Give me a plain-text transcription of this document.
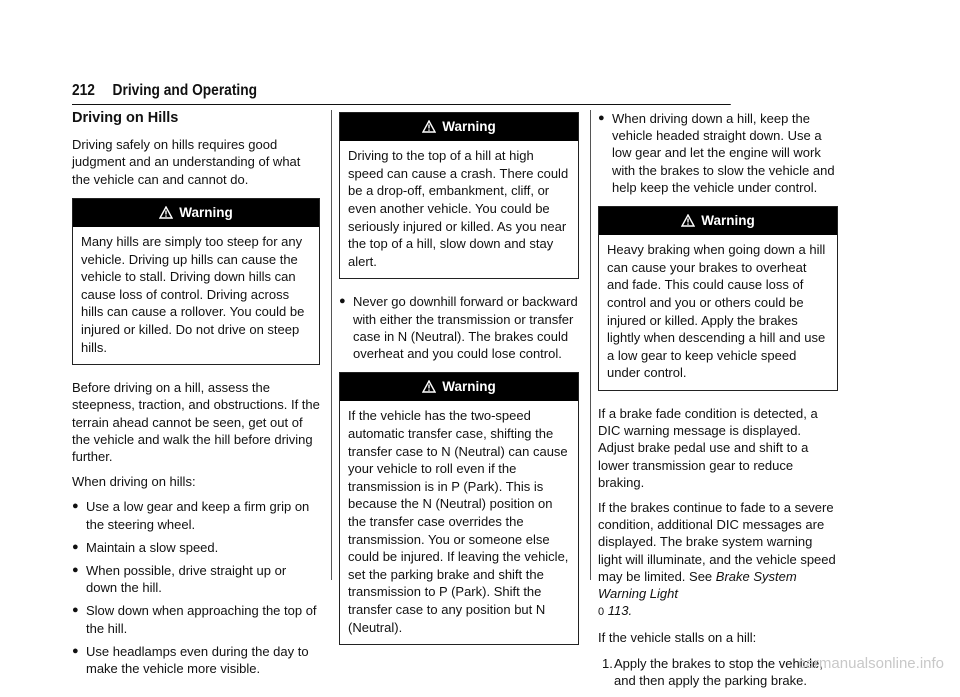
212 Driving and Operating
Driving on Hills

Driving safely on hills requires good judgment and an understanding of what the vehicle can and cannot do.

Warning
Many hills are simply too steep for any vehicle. Driving up hills can cause the vehicle to stall. Driving down hills can cause loss of control. Driving across hills can cause a rollover. You could be injured or killed. Do not drive on steep hills.

Before driving on a hill, assess the steepness, traction, and obstructions. If the terrain ahead cannot be seen, get out of the vehicle and walk the hill before driving further.

When driving on hills:

● Use a low gear and keep a firm grip on the steering wheel.
● Maintain a slow speed.
● When possible, drive straight up or down the hill.
● Slow down when approaching the top of the hill.
● Use headlamps even during the day to make the vehicle more visible.
Warning
Driving to the top of a hill at high speed can cause a crash. There could be a drop-off, embankment, cliff, or even another vehicle. You could be seriously injured or killed. As you near the top of a hill, slow down and stay alert.
● Never go downhill forward or backward with either the transmission or transfer case in N (Neutral). The brakes could overheat and you could lose control.
Warning
If the vehicle has the two-speed automatic transfer case, shifting the transfer case to N (Neutral) can cause your vehicle to roll even if the transmission is in P (Park). This is because the N (Neutral) position on the transfer case overrides the transmission. You or someone else could be injured. If leaving the vehicle, set the parking brake and shift the transmission to P (Park). Shift the transfer case to any position but N (Neutral).
● When driving down a hill, keep the vehicle headed straight down. Use a low gear and let the engine will work with the brakes to slow the vehicle and help keep the vehicle under control.
Warning
Heavy braking when going down a hill can cause your brakes to overheat and fade. This could cause loss of control and you or others could be injured or killed. Apply the brakes lightly when descending a hill and use a low gear to keep vehicle speed under control.

If a brake fade condition is detected, a DIC warning message is displayed. Adjust brake pedal use and shift to a lower transmission gear to reduce braking.

If the brakes continue to fade to a severe condition, additional DIC messages are displayed. The brake system warning light will illuminate, and the vehicle speed may be limited. See Brake System Warning Light
0 113.

If the vehicle stalls on a hill:

1. Apply the brakes to stop the vehicle, and then apply the parking brake.
carmanualsonline.info
